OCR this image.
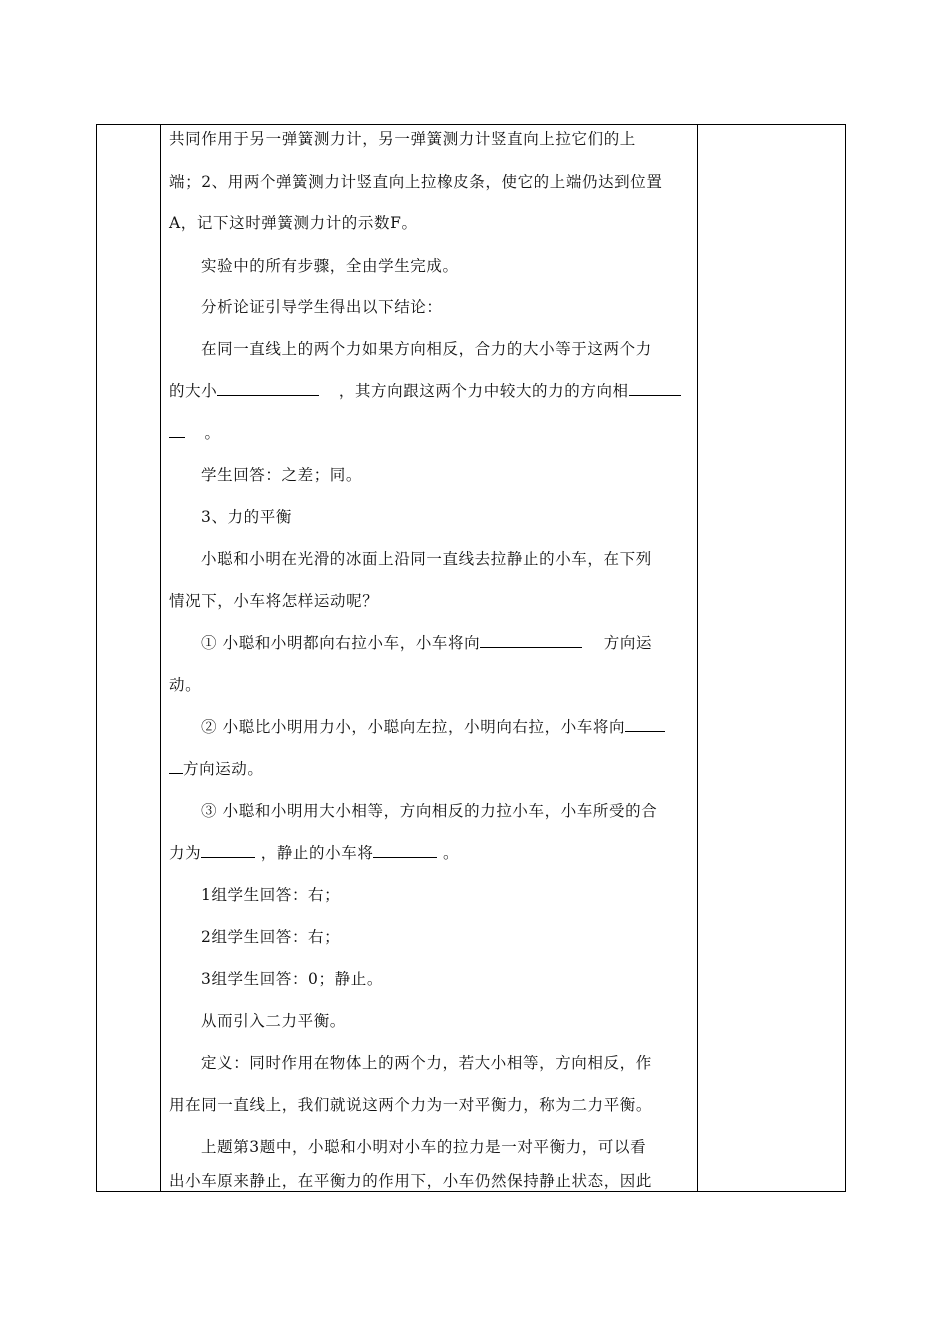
共同作用于另一弹簧测力计，另一弹簧测力计竖直向上拉它们的上
端；2、用两个弹簧测力计竖直向上拉橡皮条，使它的上端仍达到位置
A，记下这时弹簧测力计的示数F。
实验中的所有步骤，全由学生完成。
分析论证引导学生得出以下结论：
在同一直线上的两个力如果方向相反，合力的大小等于这两个力
的大小	，其方向跟这两个力中较大的力的方向相
。
学生回答：之差；同。
3、力的平衡
小聪和小明在光滑的冰面上沿同一直线去拉静止的小车，在下列
情况下，小车将怎样运动呢？
① 小聪和小明都向右拉小车，小车将向	方向运
动。
② 小聪比小明用力小，小聪向左拉，小明向右拉，小车将向
方向运动。
③ 小聪和小明用大小相等，方向相反的力拉小车，小车所受的合
力为	，静止的小车将	。
1组学生回答：右；
2组学生回答：右；
3组学生回答：0；静止。
从而引入二力平衡。
定义：同时作用在物体上的两个力，若大小相等，方向相反，作
用在同一直线上，我们就说这两个力为一对平衡力，称为二力平衡。
上题第3题中，小聪和小明对小车的拉力是一对平衡力，可以看
出小车原来静止，在平衡力的作用下，小车仍然保持静止状态，因此
